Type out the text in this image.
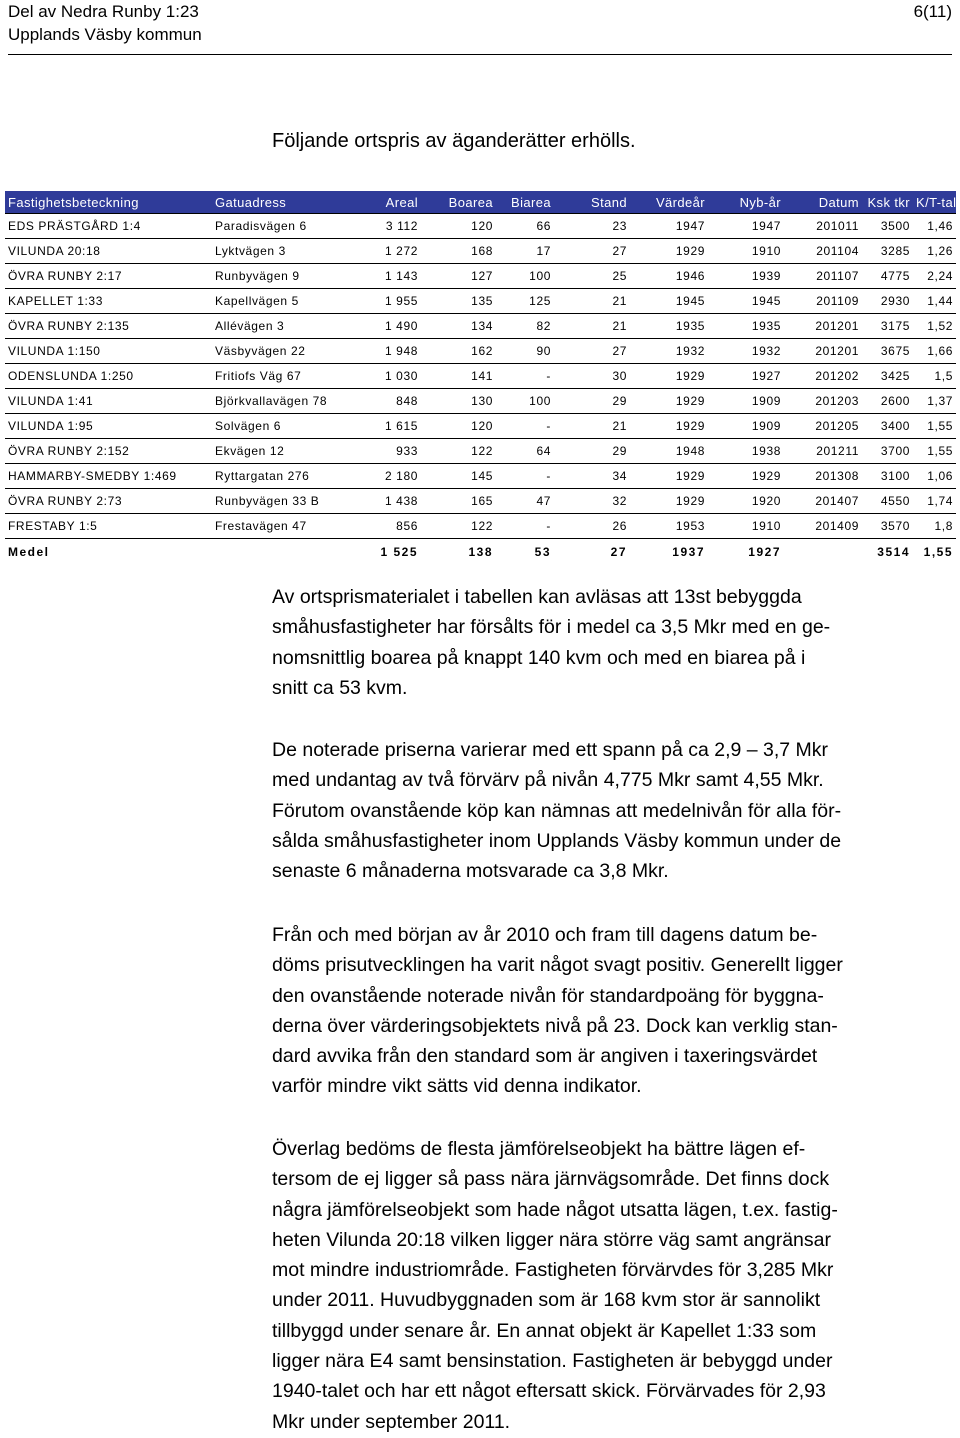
Del av Nedra Runby 1:23
Upplands Väsby kommun
6(11)
Följande ortspris av äganderätter erhölls.
Fastighetsbeteckning	Gatuadress	Areal	Boarea	Biarea	Stand	Värdeår	Nyb-år	Datum	Ksk tkr	K/T-tal
EDS PRÄSTGÅRD 1:4	Paradisvägen 6	3 112	120	66	23	1947	1947	201011	3500	1,46
VILUNDA 20:18	Lyktvägen 3	1 272	168	17	27	1929	1910	201104	3285	1,26
ÖVRA RUNBY 2:17	Runbyvägen 9	1 143	127	100	25	1946	1939	201107	4775	2,24
KAPELLET 1:33	Kapellvägen 5	1 955	135	125	21	1945	1945	201109	2930	1,44
ÖVRA RUNBY 2:135	Allévägen 3	1 490	134	82	21	1935	1935	201201	3175	1,52
VILUNDA 1:150	Väsbyvägen 22	1 948	162	90	27	1932	1932	201201	3675	1,66
ODENSLUNDA 1:250	Fritiofs Väg 67	1 030	141	-	30	1929	1927	201202	3425	1,5
VILUNDA 1:41	Björkvallavägen 78	848	130	100	29	1929	1909	201203	2600	1,37
VILUNDA 1:95	Solvägen 6	1 615	120	-	21	1929	1909	201205	3400	1,55
ÖVRA RUNBY 2:152	Ekvägen 12	933	122	64	29	1948	1938	201211	3700	1,55
HAMMARBY-SMEDBY 1:469	Ryttargatan 276	2 180	145	-	34	1929	1929	201308	3100	1,06
ÖVRA RUNBY 2:73	Runbyvägen 33 B	1 438	165	47	32	1929	1920	201407	4550	1,74
FRESTABY 1:5	Frestavägen 47	856	122	-	26	1953	1910	201409	3570	1,8
Medel		1 525	138	53	27	1937	1927		3514	1,55
Av ortsprismaterialet i tabellen kan avläsas att 13st bebyggda
småhusfastigheter har försålts för i medel ca 3,5 Mkr med en ge-
nomsnittlig boarea på knappt 140 kvm och med en biarea på i
snitt ca 53 kvm.
De noterade priserna varierar med ett spann på ca 2,9 – 3,7 Mkr
med undantag av två förvärv på nivån 4,775 Mkr samt 4,55 Mkr.
Förutom ovanstående köp kan nämnas att medelnivån för alla för-
sålda småhusfastigheter inom Upplands Väsby kommun under de
senaste 6 månaderna motsvarade ca 3,8 Mkr.
Från och med början av år 2010 och fram till dagens datum be-
döms prisutvecklingen ha varit något svagt positiv. Generellt ligger
den ovanstående noterade nivån för standardpoäng för byggna-
derna över värderingsobjektets nivå på 23. Dock kan verklig stan-
dard avvika från den standard som är angiven i taxeringsvärdet
varför mindre vikt sätts vid denna indikator.
Överlag bedöms de flesta jämförelseobjekt ha bättre lägen ef-
tersom de ej ligger så pass nära järnvägsområde. Det finns dock
några jämförelseobjekt som hade något utsatta lägen, t.ex. fastig-
heten Vilunda 20:18 vilken ligger nära större väg samt angränsar
mot mindre industriområde. Fastigheten förvärvdes för 3,285 Mkr
under 2011. Huvudbyggnaden som är 168 kvm stor är sannolikt
tillbyggd under senare år. En annat objekt är Kapellet 1:33 som
ligger nära E4 samt bensinstation. Fastigheten är bebyggd under
1940-talet och har ett något eftersatt skick. Förvärvades för 2,93
Mkr under september 2011.
